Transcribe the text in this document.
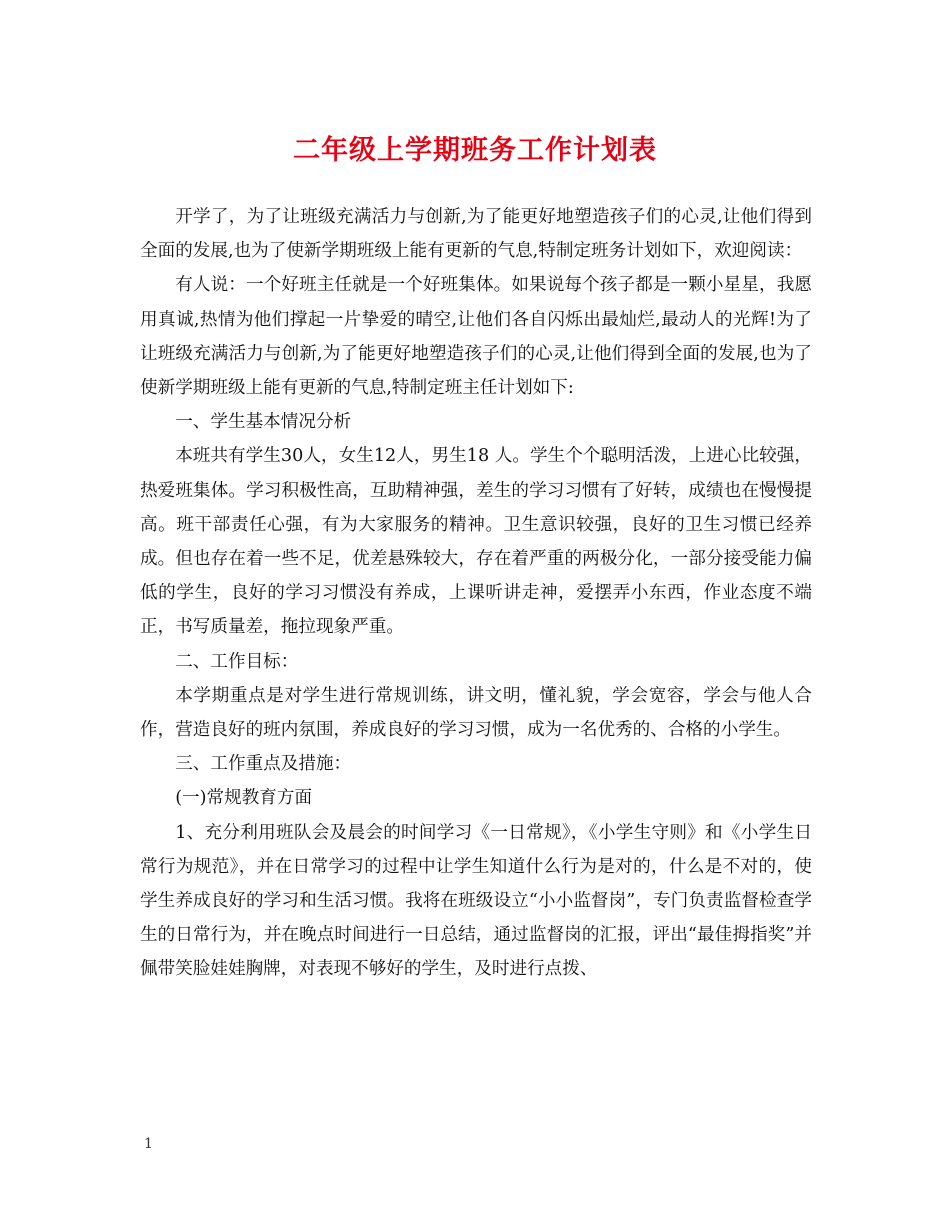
二年级上学期班务工作计划表

开学了，为了让班级充满活力与创新,为了能更好地塑造孩子们的心灵,让他们得到全面的发展,也为了使新学期班级上能有更新的气息,特制定班务计划如下，欢迎阅读：

有人说：一个好班主任就是一个好班集体。如果说每个孩子都是一颗小星星，我愿用真诚,热情为他们撑起一片挚爱的晴空,让他们各自闪烁出最灿烂,最动人的光辉!为了让班级充满活力与创新,为了能更好地塑造孩子们的心灵,让他们得到全面的发展,也为了使新学期班级上能有更新的气息,特制定班主任计划如下:

一、学生基本情况分析

本班共有学生30人，女生12人，男生18 人。学生个个聪明活泼，上进心比较强，热爱班集体。学习积极性高，互助精神强，差生的学习习惯有了好转，成绩也在慢慢提高。班干部责任心强，有为大家服务的精神。卫生意识较强，良好的卫生习惯已经养成。但也存在着一些不足，优差悬殊较大，存在着严重的两极分化，一部分接受能力偏低的学生，良好的学习习惯没有养成，上课听讲走神，爱摆弄小东西，作业态度不端正，书写质量差，拖拉现象严重。

二、工作目标：

本学期重点是对学生进行常规训练，讲文明，懂礼貌，学会宽容，学会与他人合作，营造良好的班内氛围，养成良好的学习习惯，成为一名优秀的、合格的小学生。

三、工作重点及措施：

(一)常规教育方面

1、充分利用班队会及晨会的时间学习《一日常规》，《小学生守则》和《小学生日常行为规范》，并在日常学习的过程中让学生知道什么行为是对的，什么是不对的，使学生养成良好的学习和生活习惯。我将在班级设立“小小监督岗”，专门负责监督检查学生的日常行为，并在晚点时间进行一日总结，通过监督岗的汇报，评出“最佳拇指奖”并佩带笑脸娃娃胸牌，对表现不够好的学生，及时进行点拨、

1
